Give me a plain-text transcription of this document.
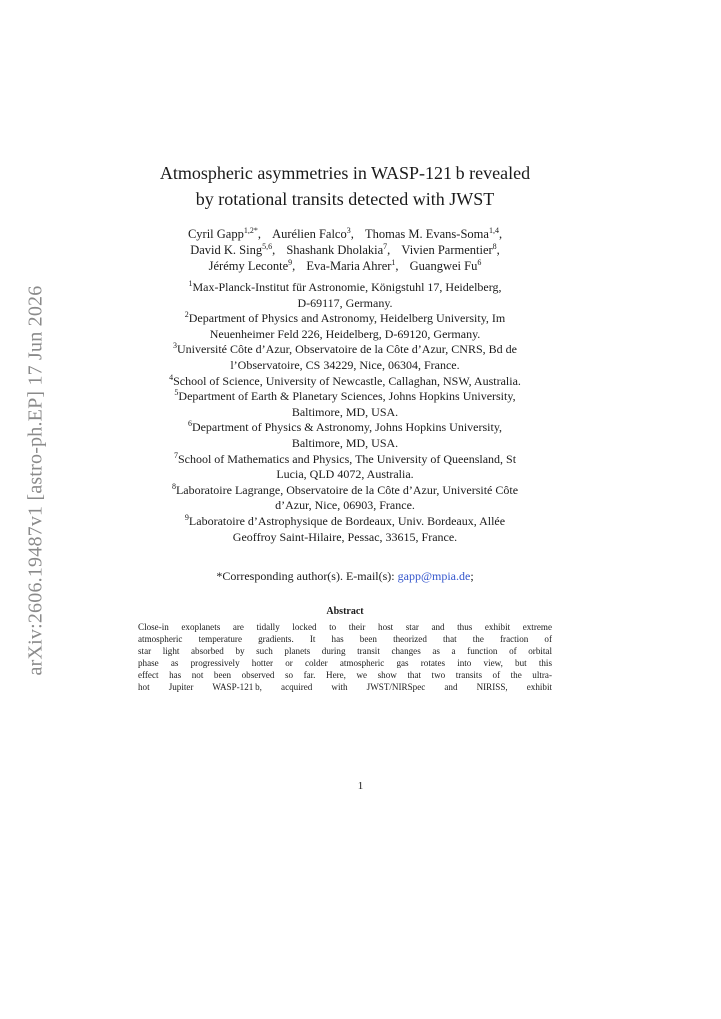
arXiv:2606.19487v1 [astro-ph.EP] 17 Jun 2026
Atmospheric asymmetries in WASP-121 b revealed
by rotational transits detected with JWST
Cyril Gapp$^{1,2*}$, Aurélien Falco$^3$, Thomas M. Evans-Soma$^{1,4}$,
David K. Sing$^{5,6}$, Shashank Dholakia$^7$, Vivien Parmentier$^8$,
Jérémy Leconte$^9$, Eva-Maria Ahrer$^1$, Guangwei Fu$^6$
$^1$Max-Planck-Institut für Astronomie, Königstuhl 17, Heidelberg,
D-69117, Germany.
$^2$Department of Physics and Astronomy, Heidelberg University, Im
Neuenheimer Feld 226, Heidelberg, D-69120, Germany.
$^3$Université Côte d’Azur, Observatoire de la Côte d’Azur, CNRS, Bd de
l’Observatoire, CS 34229, Nice, 06304, France.
$^4$School of Science, University of Newcastle, Callaghan, NSW, Australia.
$^5$Department of Earth & Planetary Sciences, Johns Hopkins University,
Baltimore, MD, USA.
$^6$Department of Physics & Astronomy, Johns Hopkins University,
Baltimore, MD, USA.
$^7$School of Mathematics and Physics, The University of Queensland, St
Lucia, QLD 4072, Australia.
$^8$Laboratoire Lagrange, Observatoire de la Côte d’Azur, Université Côte
d’Azur, Nice, 06903, France.
$^9$Laboratoire d’Astrophysique de Bordeaux, Univ. Bordeaux, Allée
Geoffroy Saint-Hilaire, Pessac, 33615, France.
*Corresponding author(s). E-mail(s): gapp@mpia.de;
Abstract
Close-in exoplanets are tidally locked to their host star and thus exhibit extreme
atmospheric temperature gradients. It has been theorized that the fraction of
star light absorbed by such planets during transit changes as a function of orbital
phase as progressively hotter or colder atmospheric gas rotates into view, but this
effect has not been observed so far. Here, we show that two transits of the ultra-
hot Jupiter WASP-121 b, acquired with JWST/NIRSpec and NIRISS, exhibit
1
